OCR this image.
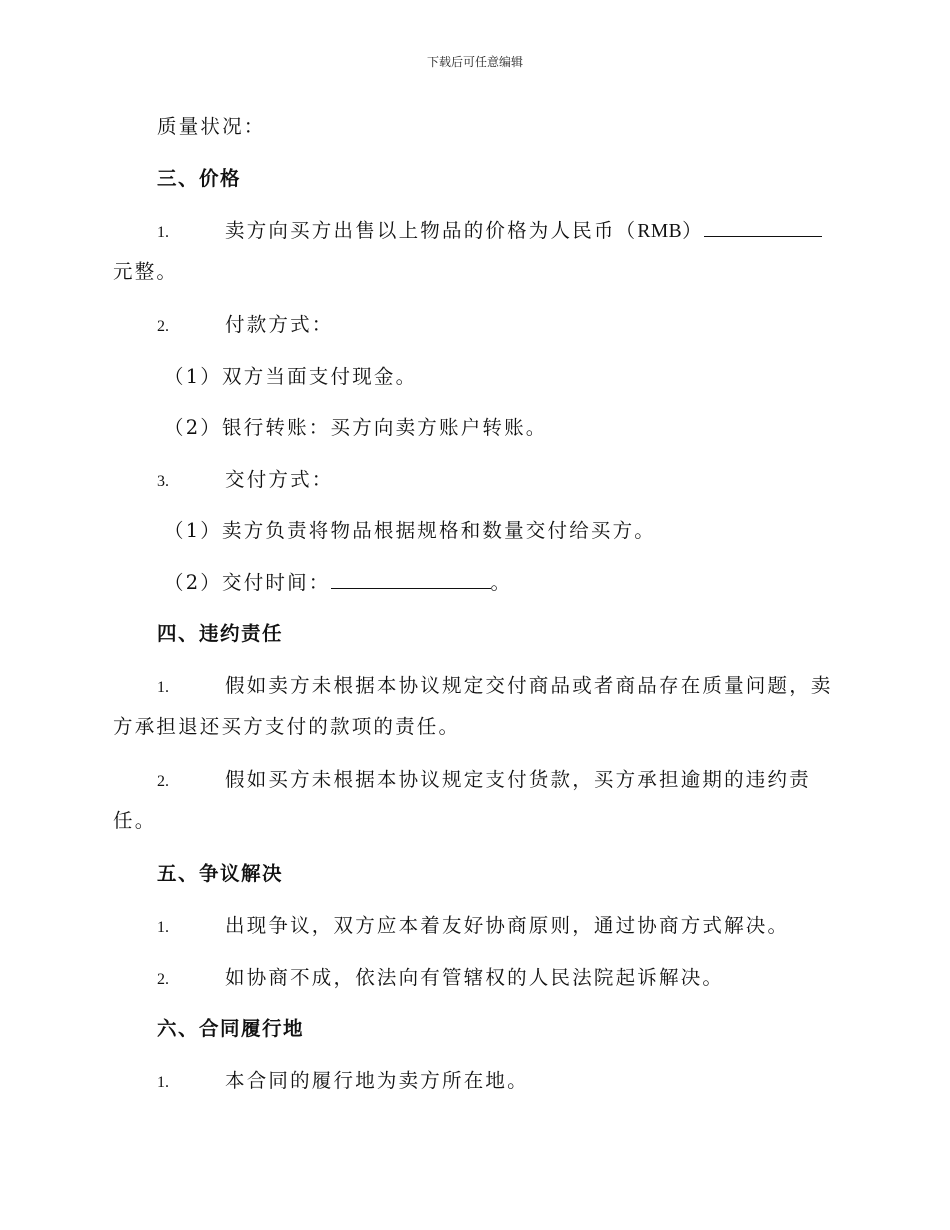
下载后可任意编辑
质量状况：
三、价格
1.	卖方向买方出售以上物品的价格为人民币（RMB）
元整。
2.	付款方式：
（1）双方当面支付现金。
（2）银行转账：买方向卖方账户转账。
3.	交付方式：
（1）卖方负责将物品根据规格和数量交付给买方。
（2）交付时间：	。
四、违约责任
1.	假如卖方未根据本协议规定交付商品或者商品存在质量问题，卖
方承担退还买方支付的款项的责任。
2.	假如买方未根据本协议规定支付货款，买方承担逾期的违约责
任。
五、争议解决
1.	出现争议，双方应本着友好协商原则，通过协商方式解决。
2.	如协商不成，依法向有管辖权的人民法院起诉解决。
六、合同履行地
1.	本合同的履行地为卖方所在地。
